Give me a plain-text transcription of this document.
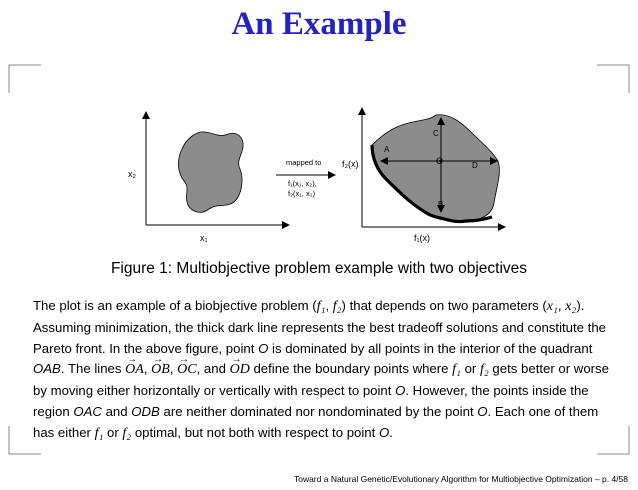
An Example
x₂
x₁
mapped to
f₁(x₁, x₂),
f₂(x₁, x₂)
C
A
O	D
B
f₂(x)
f₁(x)
Figure 1: Multiobjective problem example with two objectives
The plot is an example of a biobjective problem (f₁, f₂) that depends on two parameters (x₁, x₂). Assuming minimization, the thick dark line represents the best tradeoff solutions and constitute the Pareto front. In the above figure, point O is dominated by all points in the interior of the quadrant OAB. The lines → OA, → OB, → OC, and → OD define the boundary points where f₁ or f₂ gets better or worse by moving either horizontally or vertically with respect to point O. However, the points inside the region OAC and ODB are neither dominated nor nondominated by the point O. Each one of them has either f₁ or f₂ optimal, but not both with respect to point O.
Toward a Natural Genetic/Evolutionary Algorithm for Multiobjective Optimization – p. 4/58
